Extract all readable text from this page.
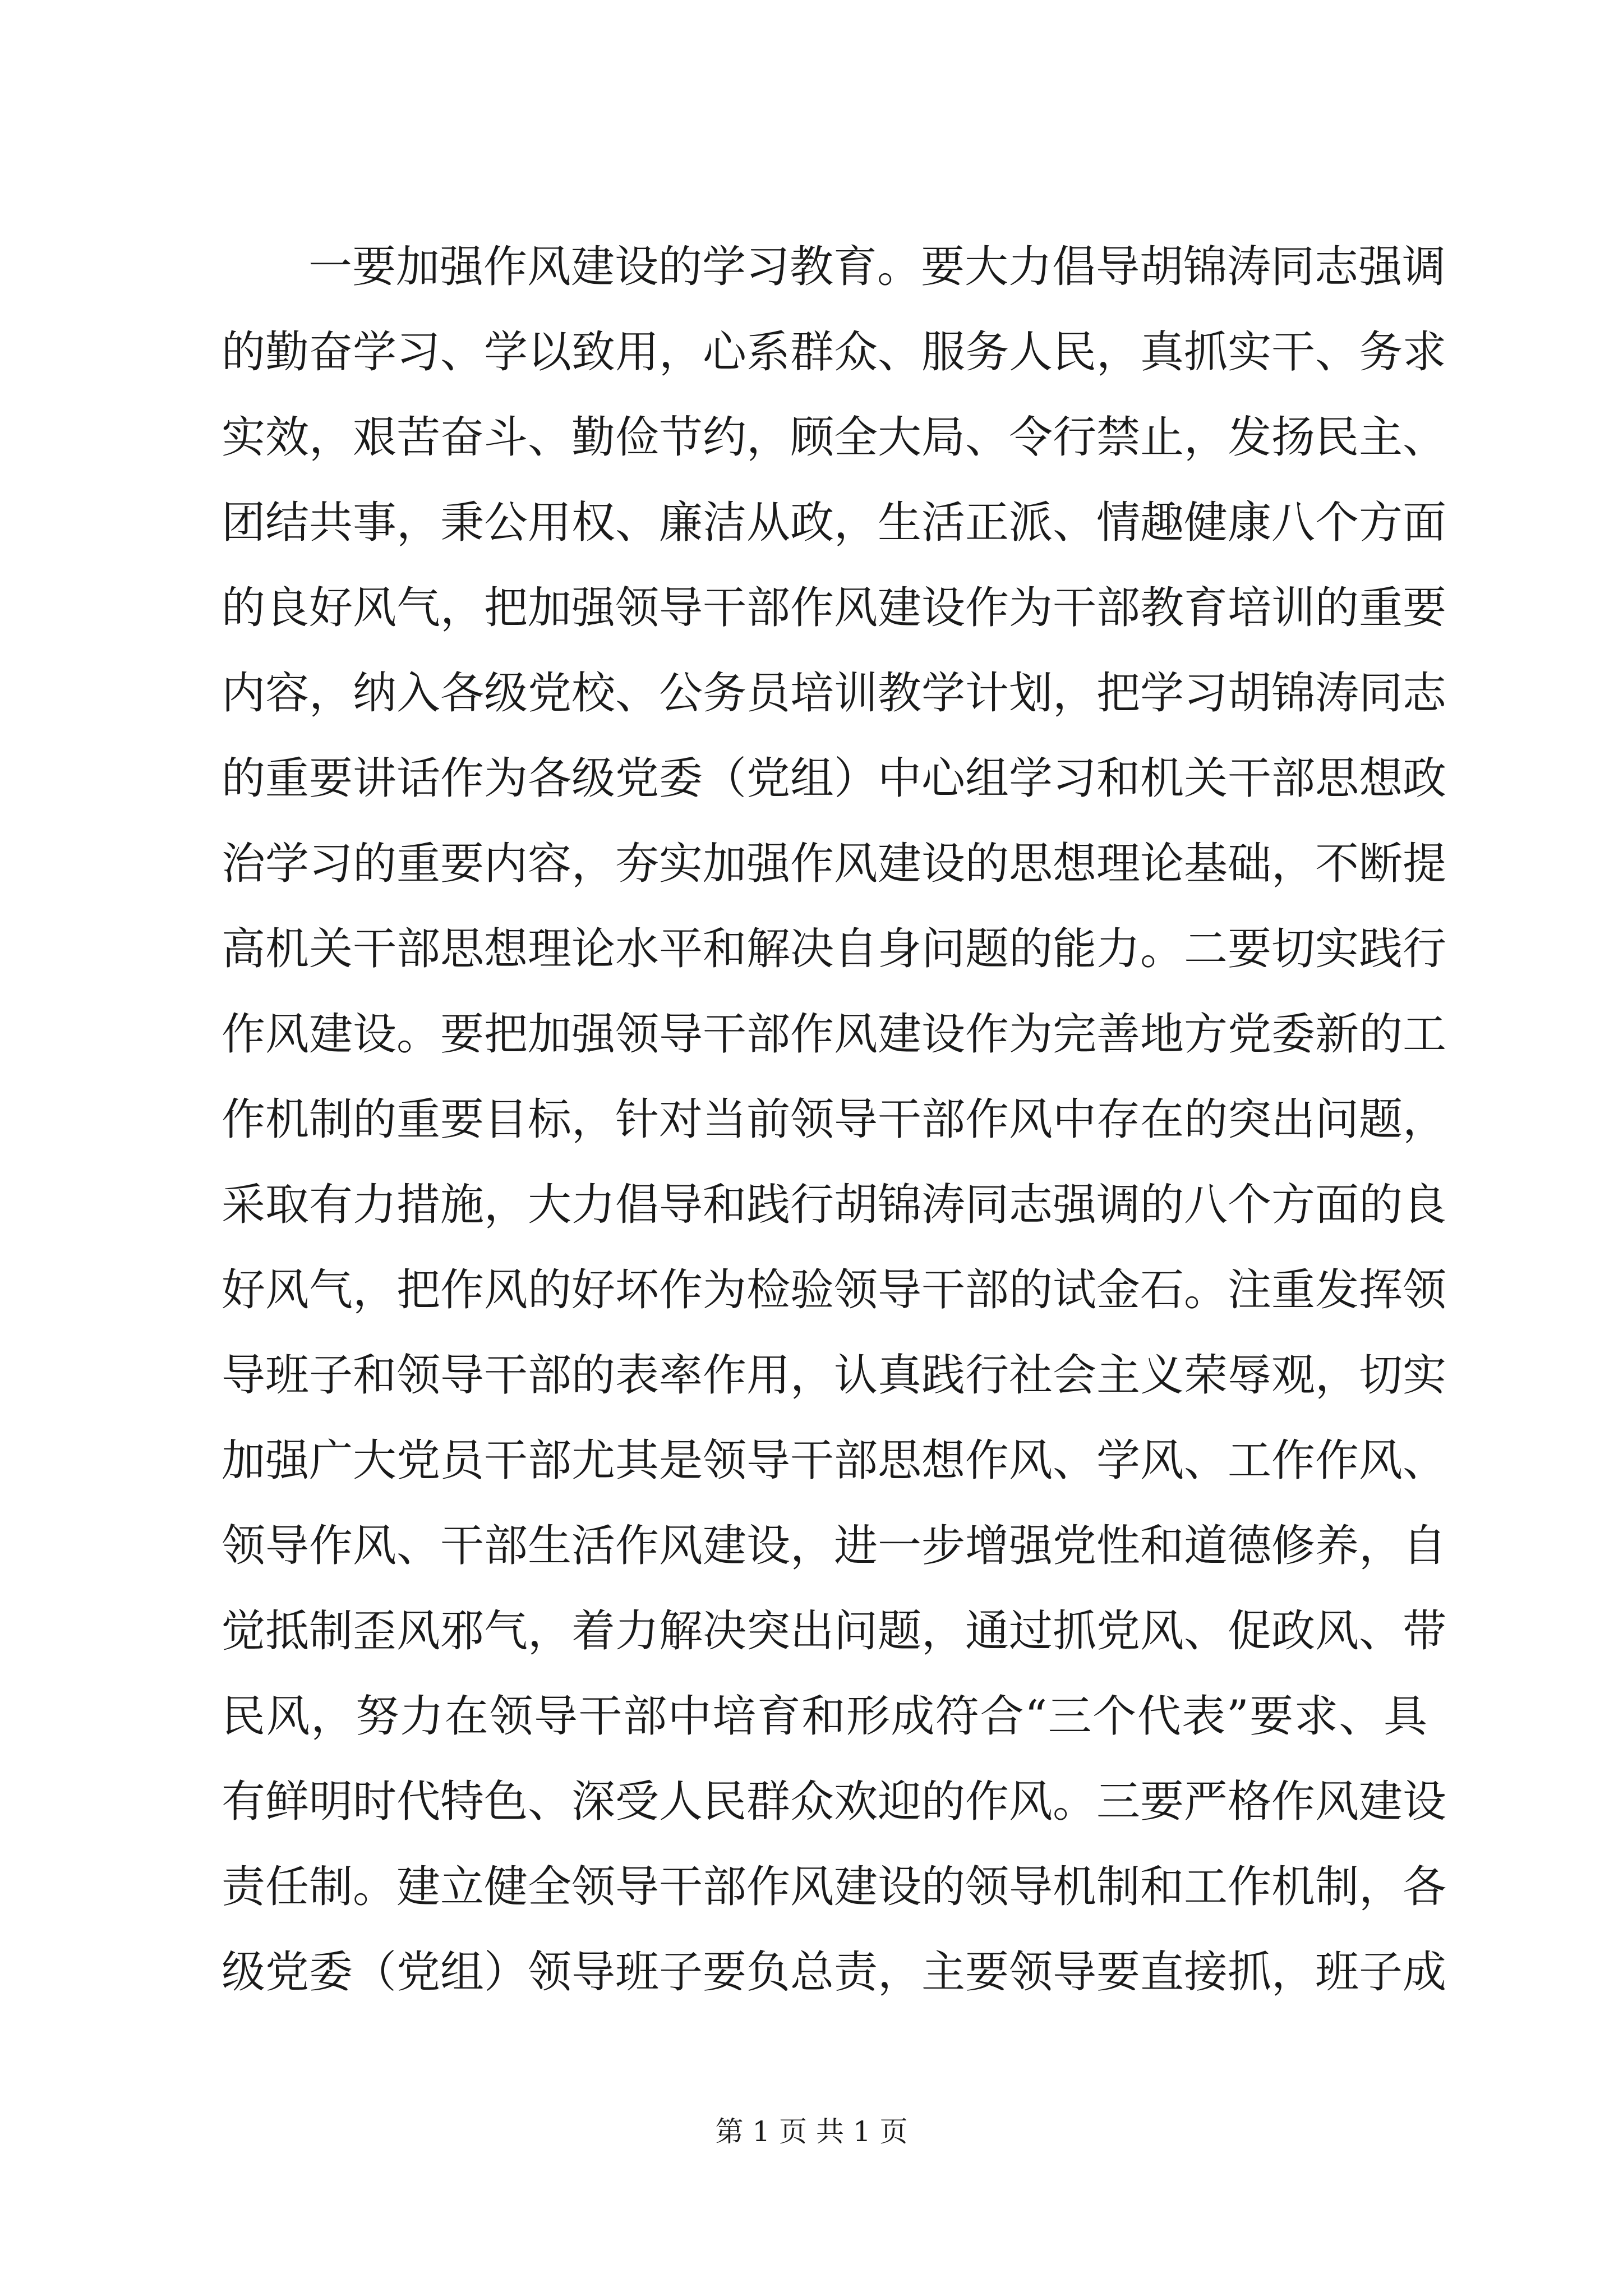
一要加强作风建设的学习教育。要大力倡导胡锦涛同志强调
的勤奋学习、学以致用，心系群众、服务人民，真抓实干、务求
实效，艰苦奋斗、勤俭节约，顾全大局、令行禁止，发扬民主、
团结共事，秉公用权、廉洁从政，生活正派、情趣健康八个方面
的良好风气，把加强领导干部作风建设作为干部教育培训的重要
内容，纳入各级党校、公务员培训教学计划，把学习胡锦涛同志
的重要讲话作为各级党委（党组）中心组学习和机关干部思想政
治学习的重要内容，夯实加强作风建设的思想理论基础，不断提
高机关干部思想理论水平和解决自身问题的能力。二要切实践行
作风建设。要把加强领导干部作风建设作为完善地方党委新的工
作机制的重要目标，针对当前领导干部作风中存在的突出问题，
采取有力措施，大力倡导和践行胡锦涛同志强调的八个方面的良
好风气，把作风的好坏作为检验领导干部的试金石。注重发挥领
导班子和领导干部的表率作用，认真践行社会主义荣辱观，切实
加强广大党员干部尤其是领导干部思想作风、学风、工作作风、
领导作风、干部生活作风建设，进一步增强党性和道德修养，自
觉抵制歪风邪气，着力解决突出问题，通过抓党风、促政风、带
民风，努力在领导干部中培育和形成符合“三个代表”要求、具
有鲜明时代特色、深受人民群众欢迎的作风。三要严格作风建设
责任制。建立健全领导干部作风建设的领导机制和工作机制，各
级党委（党组）领导班子要负总责，主要领导要直接抓，班子成
第 1 页 共 1 页
